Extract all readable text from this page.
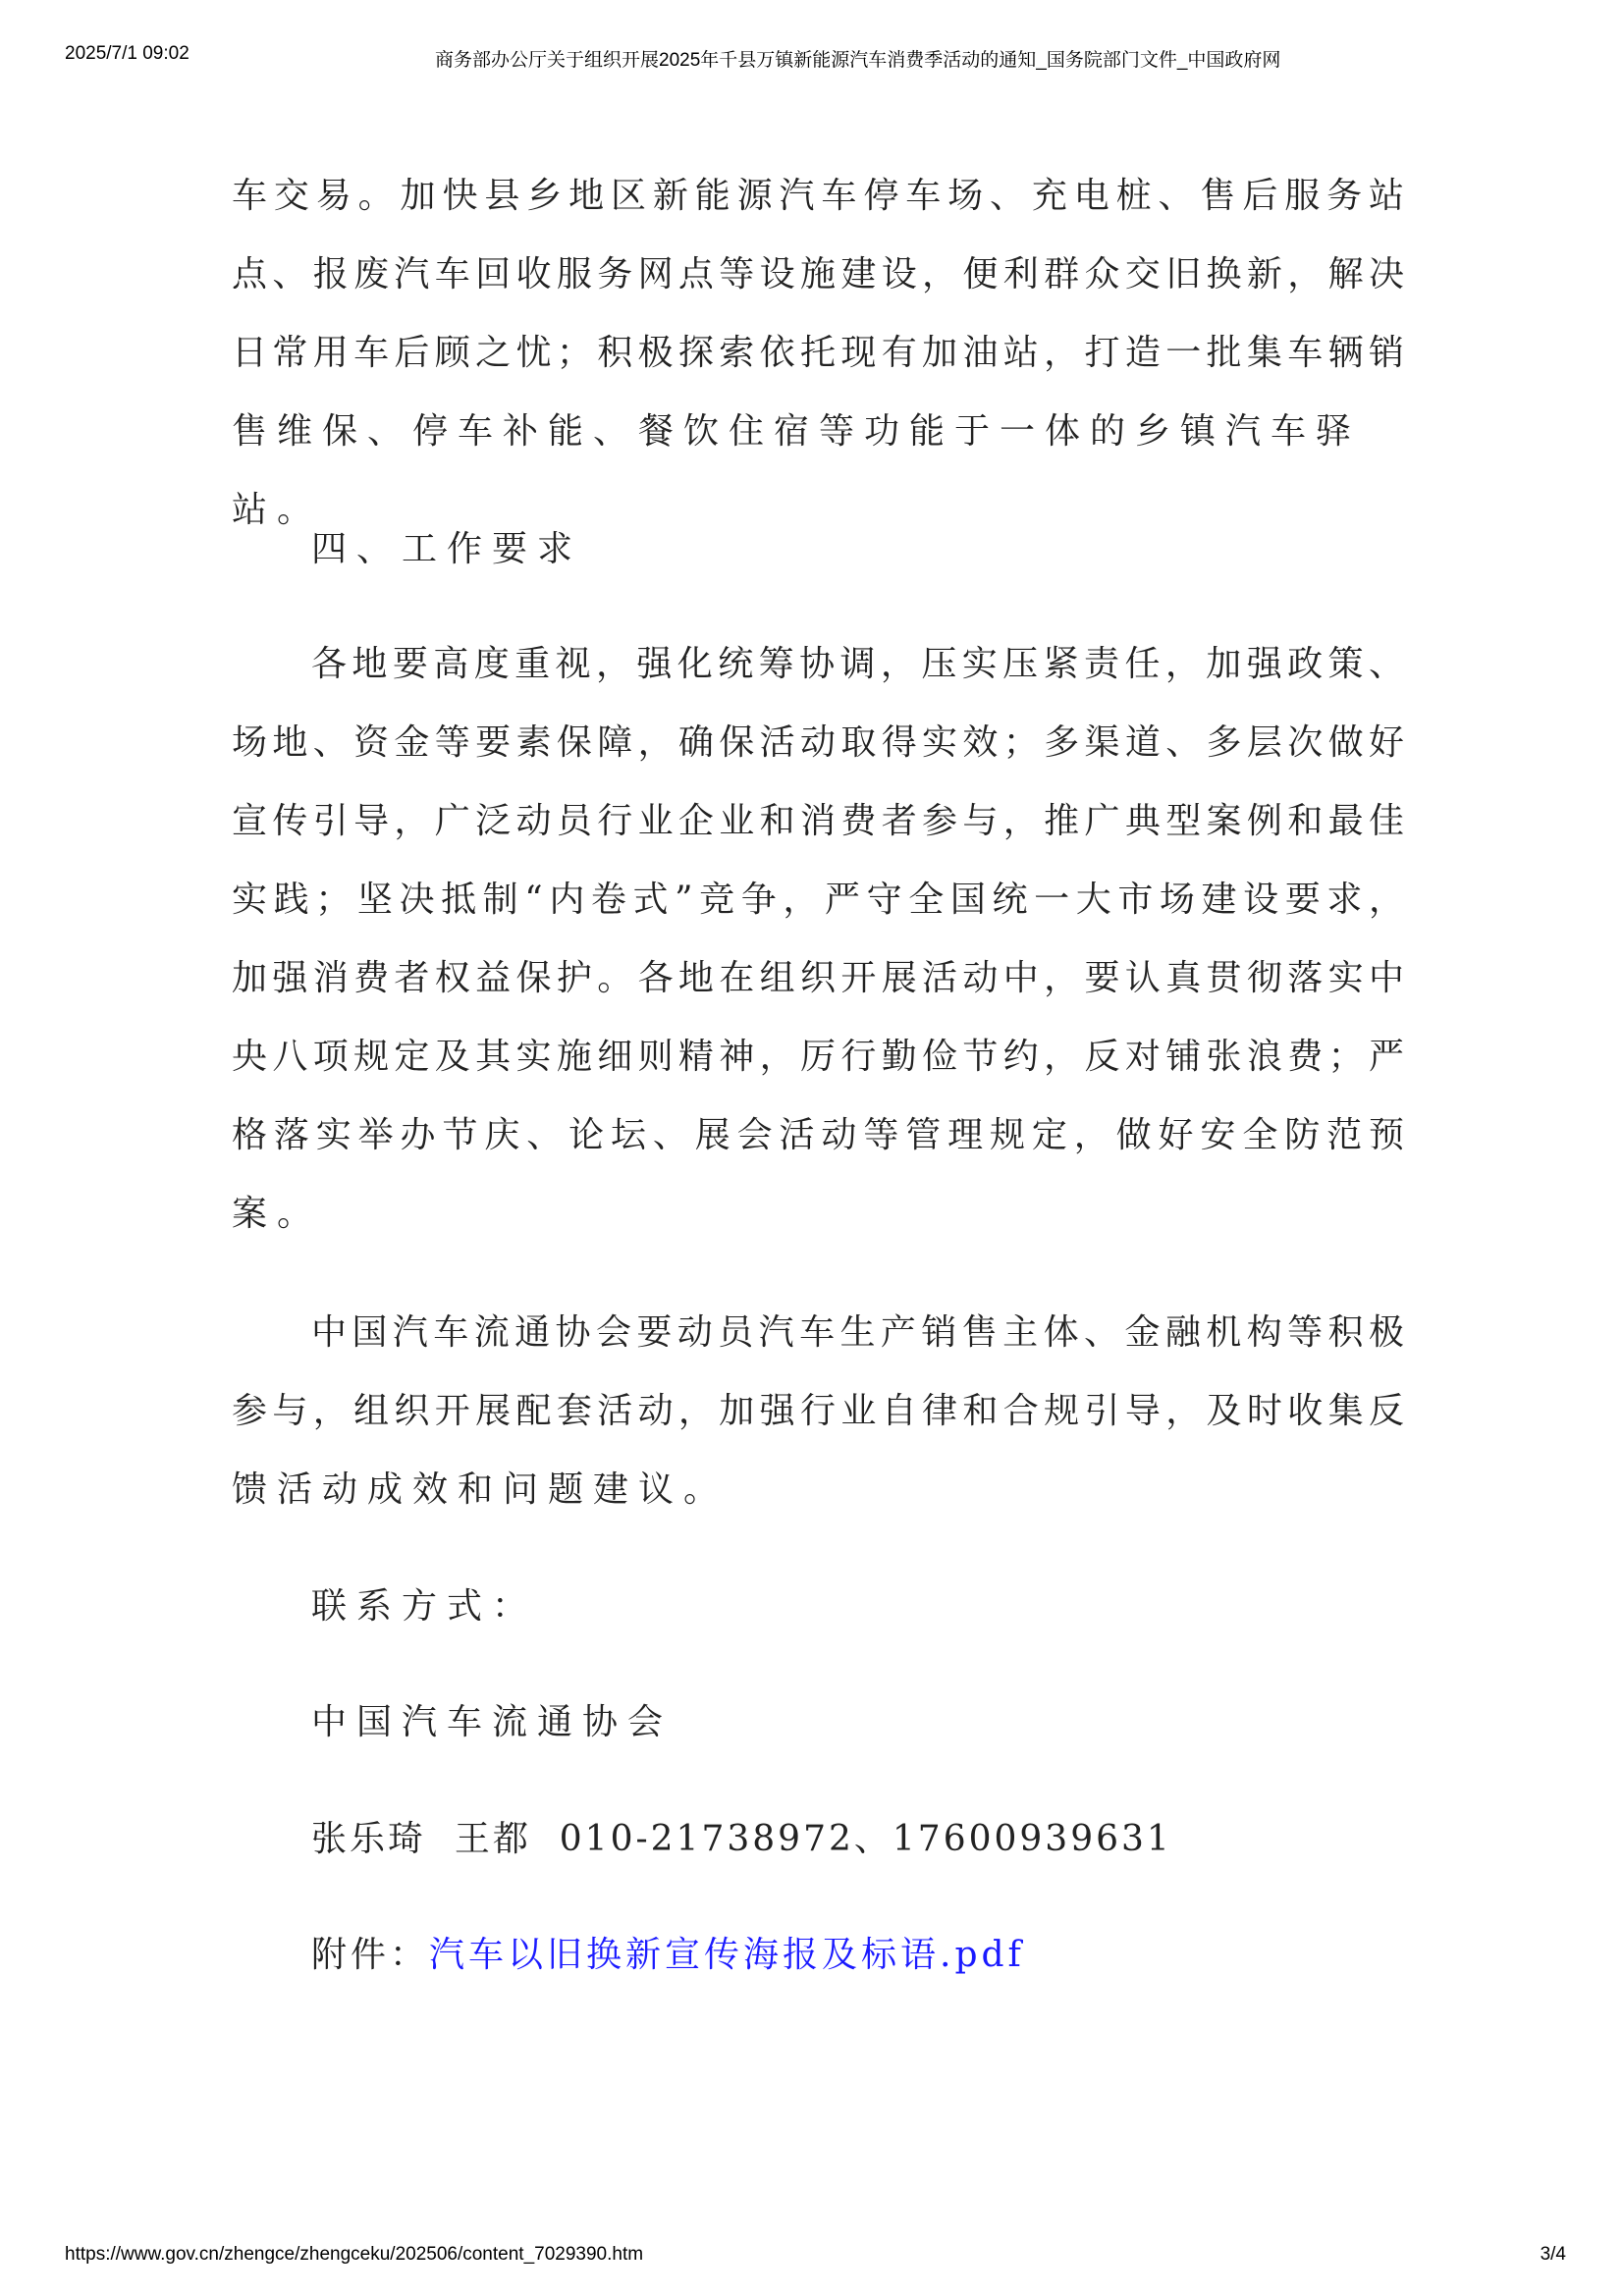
2025/7/1 09:02	商务部办公厅关于组织开展2025年千县万镇新能源汽车消费季活动的通知_国务院部门文件_中国政府网
车交易。加快县乡地区新能源汽车停车场、充电桩、售后服务站
点、报废汽车回收服务网点等设施建设，便利群众交旧换新，解决
日常用车后顾之忧；积极探索依托现有加油站，打造一批集车辆销
售维保、停车补能、餐饮住宿等功能于一体的乡镇汽车驿站。
四、工作要求
各地要高度重视，强化统筹协调，压实压紧责任，加强政策、
场地、资金等要素保障，确保活动取得实效；多渠道、多层次做好
宣传引导，广泛动员行业企业和消费者参与，推广典型案例和最佳
实践；坚决抵制“内卷式”竞争，严守全国统一大市场建设要求，
加强消费者权益保护。各地在组织开展活动中，要认真贯彻落实中
央八项规定及其实施细则精神，厉行勤俭节约，反对铺张浪费；严
格落实举办节庆、论坛、展会活动等管理规定，做好安全防范预
案。
中国汽车流通协会要动员汽车生产销售主体、金融机构等积极
参与，组织开展配套活动，加强行业自律和合规引导，及时收集反
馈活动成效和问题建议。
联系方式：
中国汽车流通协会
张乐琦  王都  010-21738972、17600939631
附件：汽车以旧换新宣传海报及标语.pdf
https://www.gov.cn/zhengce/zhengceku/202506/content_7029390.htm	3/4
